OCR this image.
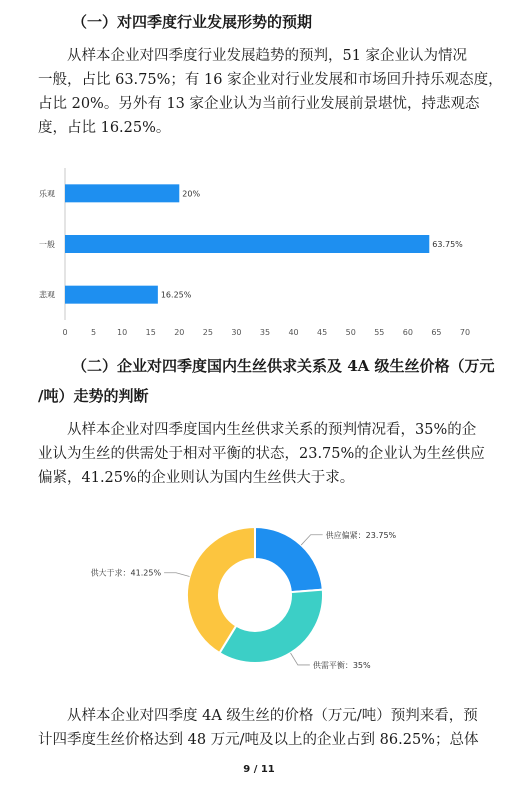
（一）对四季度行业发展形势的预期
从样本企业对四季度行业发展趋势的预判，51 家企业认为情况
一般，占比 63.75%；有 16 家企业对行业发展和市场回升持乐观态度，
占比 20%。另外有 13 家企业认为当前行业发展前景堪忧，持悲观态
度，占比 16.25%。
乐观	20%
一般	63.75%
悲观	16.25%
0	5	10 15 20 25 30 35 40 45 50 55 60 65 70
（二）企业对四季度国内生丝供求关系及 4A 级生丝价格（万元
/吨）走势的判断
从样本企业对四季度国内生丝供求关系的预判情况看，35%的企
业认为生丝的供需处于相对平衡的状态，23.75%的企业认为生丝供应
偏紧，41.25%的企业则认为国内生丝供大于求。
供应偏紧：23.75%
供需平衡：35%
供大于求：41.25%
从样本企业对四季度 4A 级生丝的价格（万元/吨）预判来看，预
计四季度生丝价格达到 48 万元/吨及以上的企业占到 86.25%；总体
9 / 11
